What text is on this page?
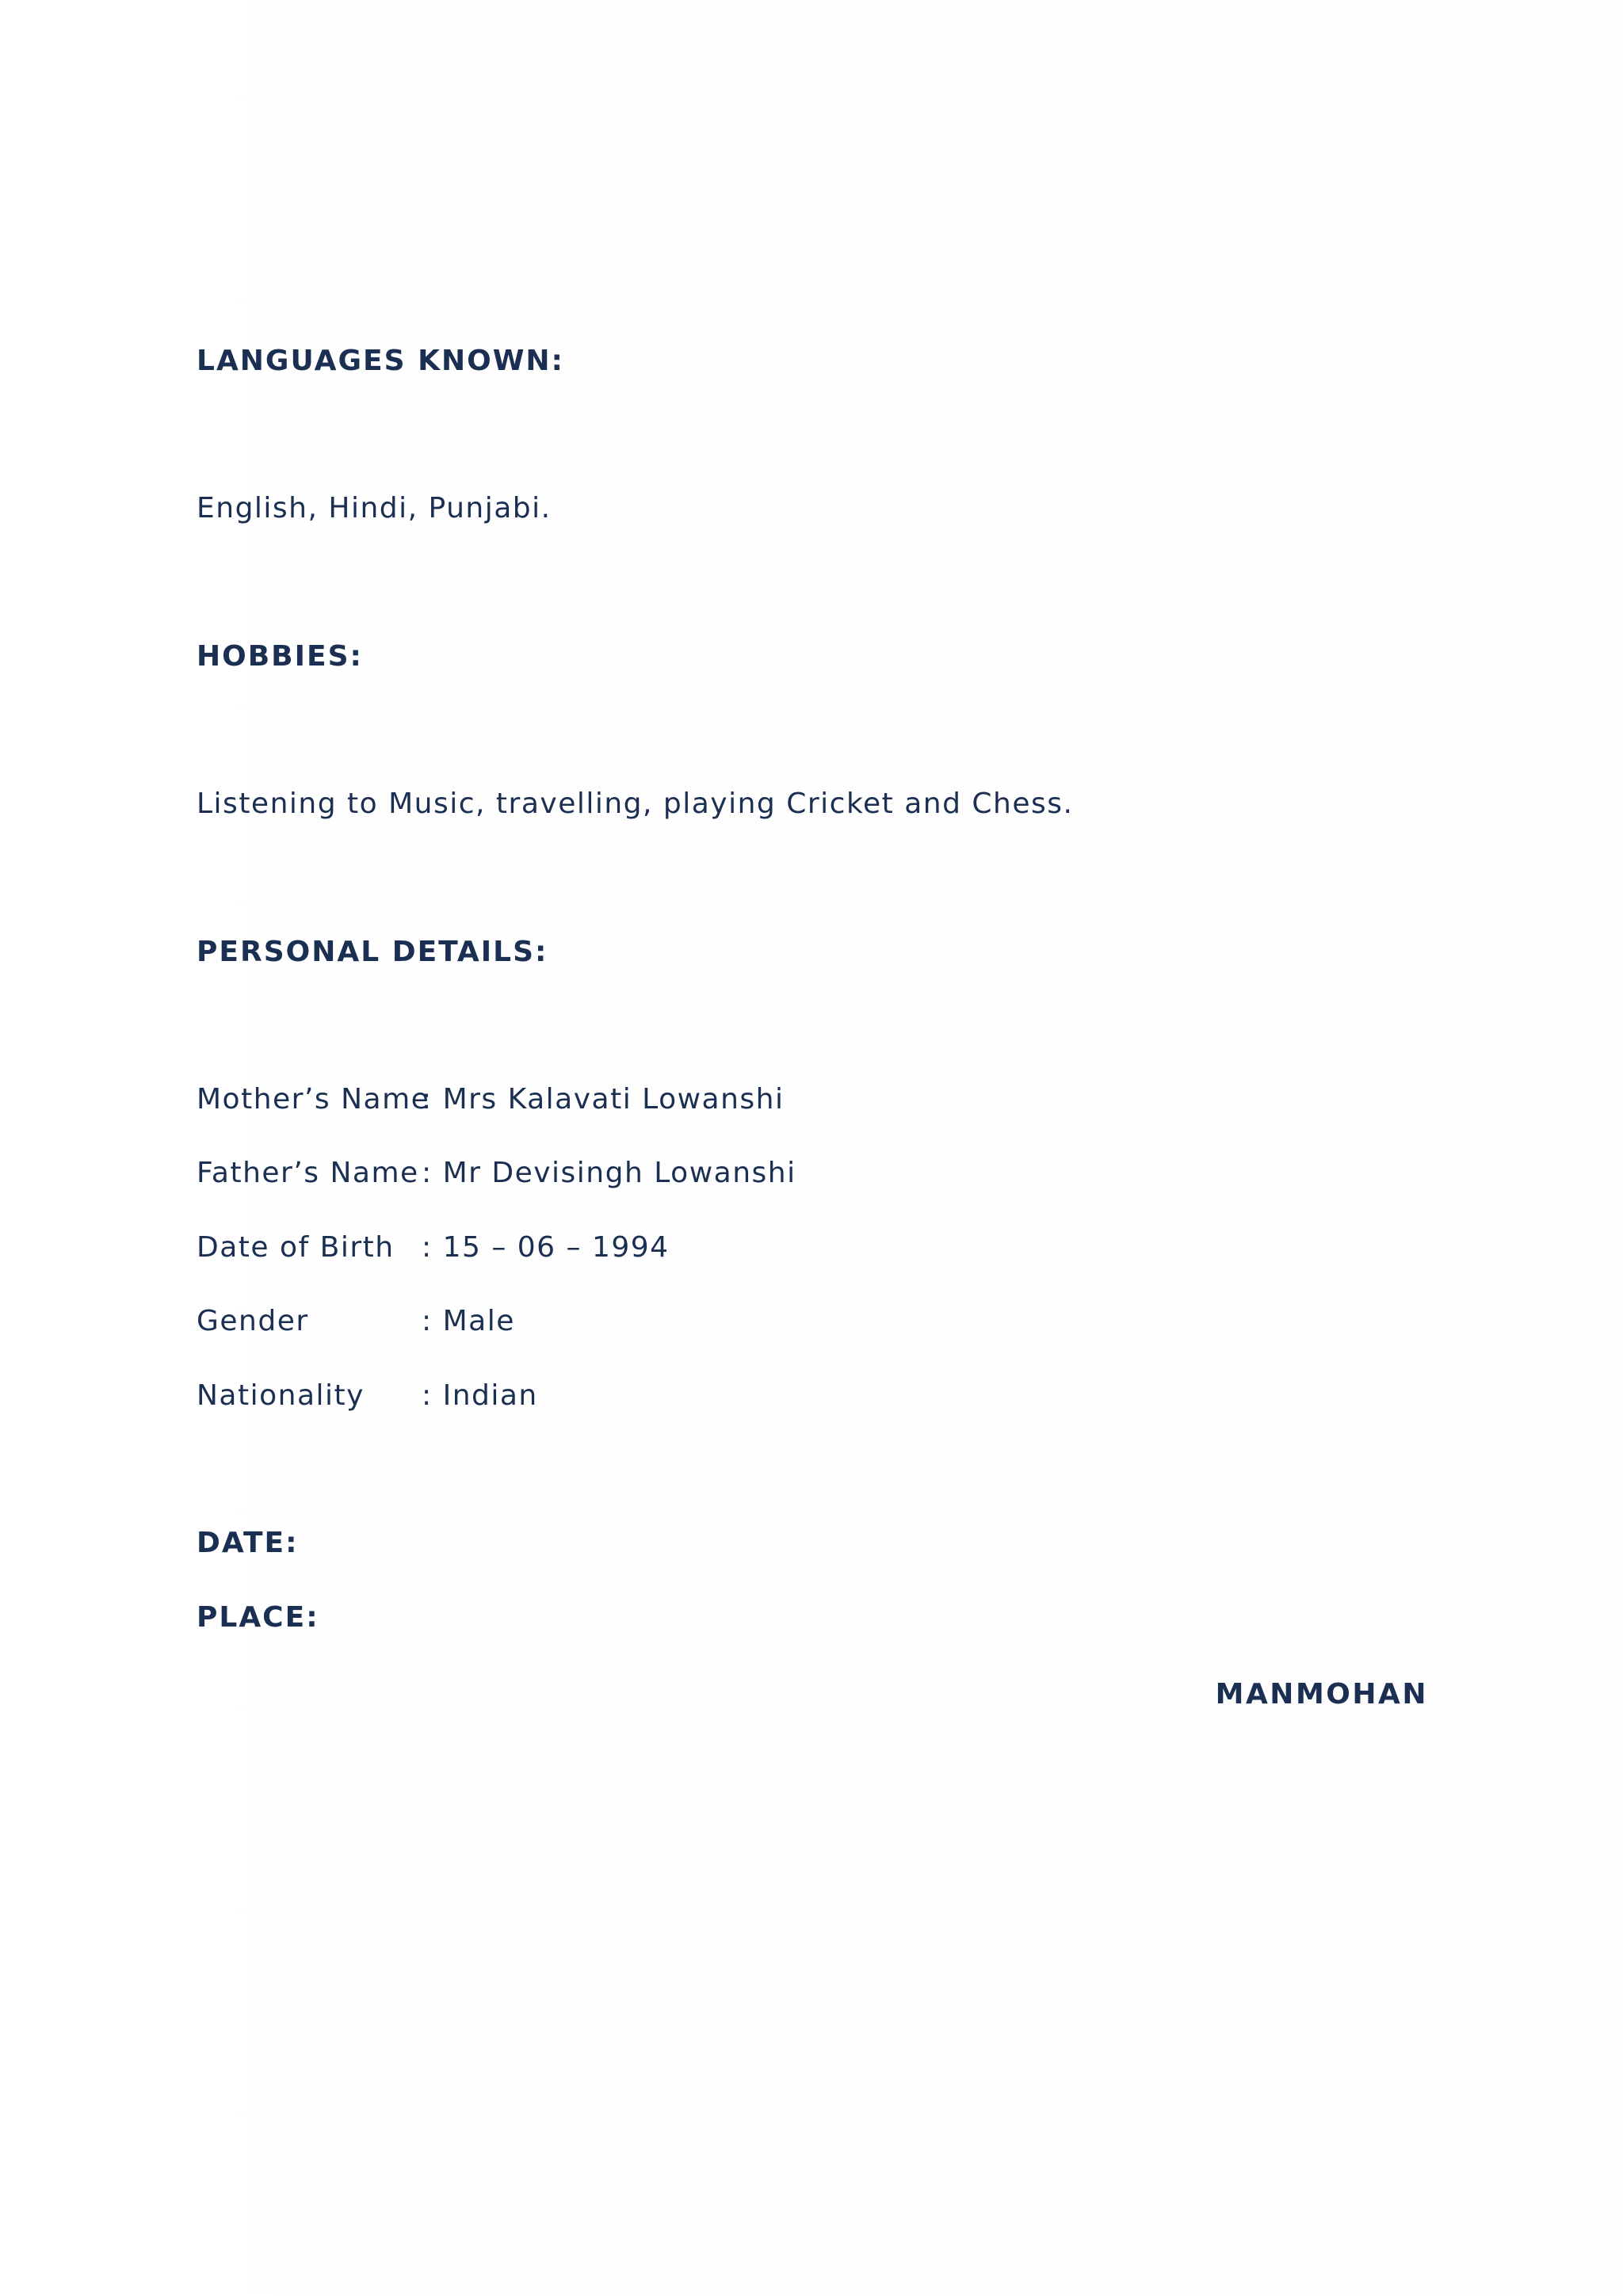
LANGUAGES KNOWN:
English, Hindi, Punjabi.
HOBBIES:
Listening to Music, travelling, playing Cricket and Chess.
PERSONAL DETAILS:
Mother’s Name
: Mrs Kalavati Lowanshi
Father’s Name : Mr Devisingh Lowanshi
Date of Birth : 15 – 06 – 1994
Gender	: Male
Nationality : Indian
DATE:
PLACE:
MANMOHAN
